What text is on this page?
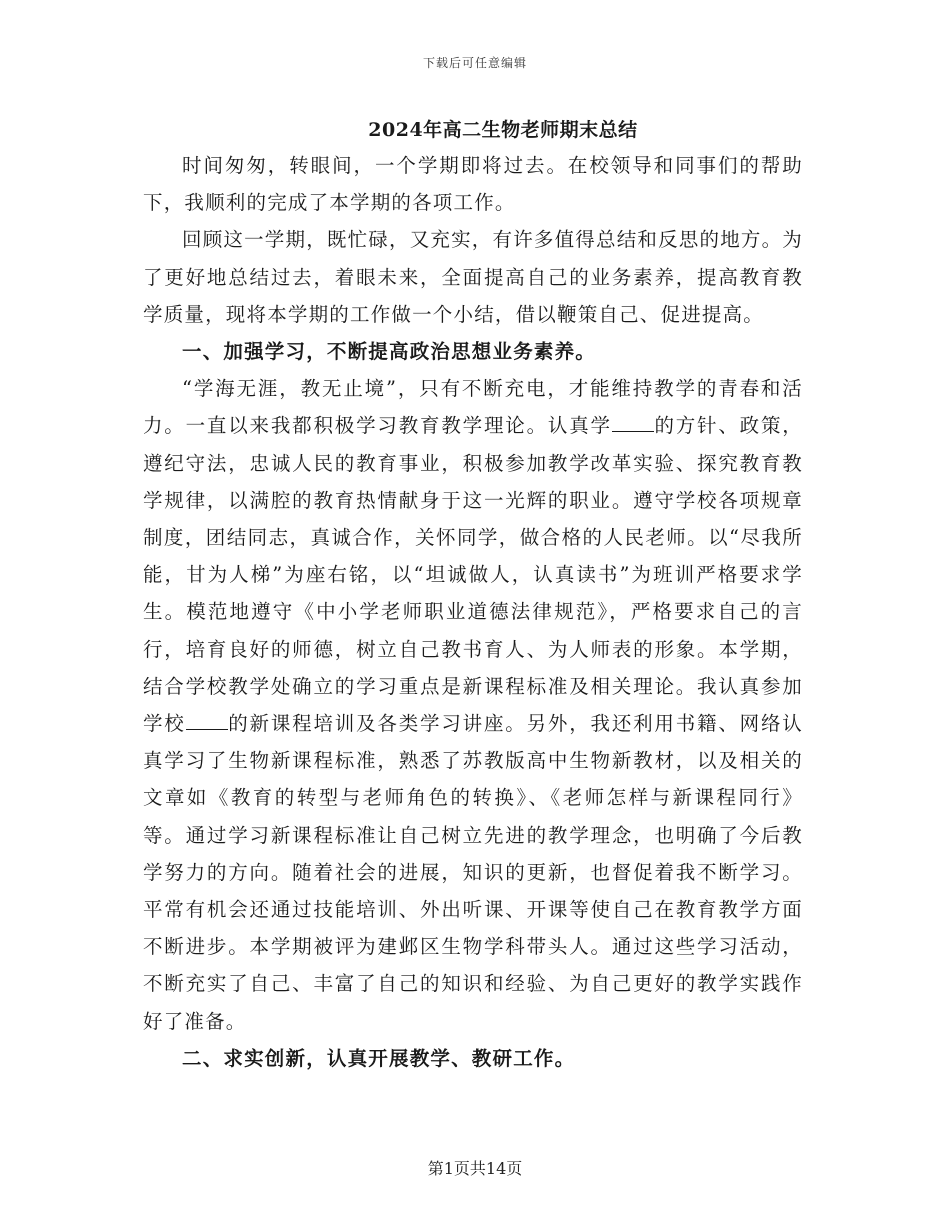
下载后可任意编辑
2024年高二生物老师期末总结

时间匆匆，转眼间，一个学期即将过去。在校领导和同事们的帮助下，我顺利的完成了本学期的各项工作。

回顾这一学期，既忙碌，又充实，有许多值得总结和反思的地方。为了更好地总结过去，着眼未来，全面提高自己的业务素养，提高教育教学质量，现将本学期的工作做一个小结，借以鞭策自己、促进提高。

一、加强学习，不断提高政治思想业务素养。

“学海无涯，教无止境”，只有不断充电，才能维持教学的青春和活力。一直以来我都积极学习教育教学理论。认真学 的方针、政策，遵纪守法，忠诚人民的教育事业，积极参加教学改革实验、探究教育教学规律，以满腔的教育热情献身于这一光辉的职业。遵守学校各项规章制度，团结同志，真诚合作，关怀同学，做合格的人民老师。以“尽我所能，甘为人梯”为座右铭，以“坦诚做人，认真读书”为班训严格要求学生。模范地遵守《中小学老师职业道德法律规范》，严格要求自己的言行，培育良好的师德，树立自己教书育人、为人师表的形象。本学期，结合学校教学处确立的学习重点是新课程标准及相关理论。我认真参加学校 的新课程培训及各类学习讲座。另外，我还利用书籍、网络认真学习了生物新课程标准，熟悉了苏教版高中生物新教材，以及相关的文章如《教育的转型与老师角色的转换》、《老师怎样与新课程同行》等。通过学习新课程标准让自己树立先进的教学理念，也明确了今后教学努力的方向。随着社会的进展，知识的更新，也督促着我不断学习。平常有机会还通过技能培训、外出听课、开课等使自己在教育教学方面不断进步。本学期被评为建邺区生物学科带头人。通过这些学习活动，不断充实了自己、丰富了自己的知识和经验、为自己更好的教学实践作好了准备。

二、求实创新，认真开展教学、教研工作。

第1页共14页
